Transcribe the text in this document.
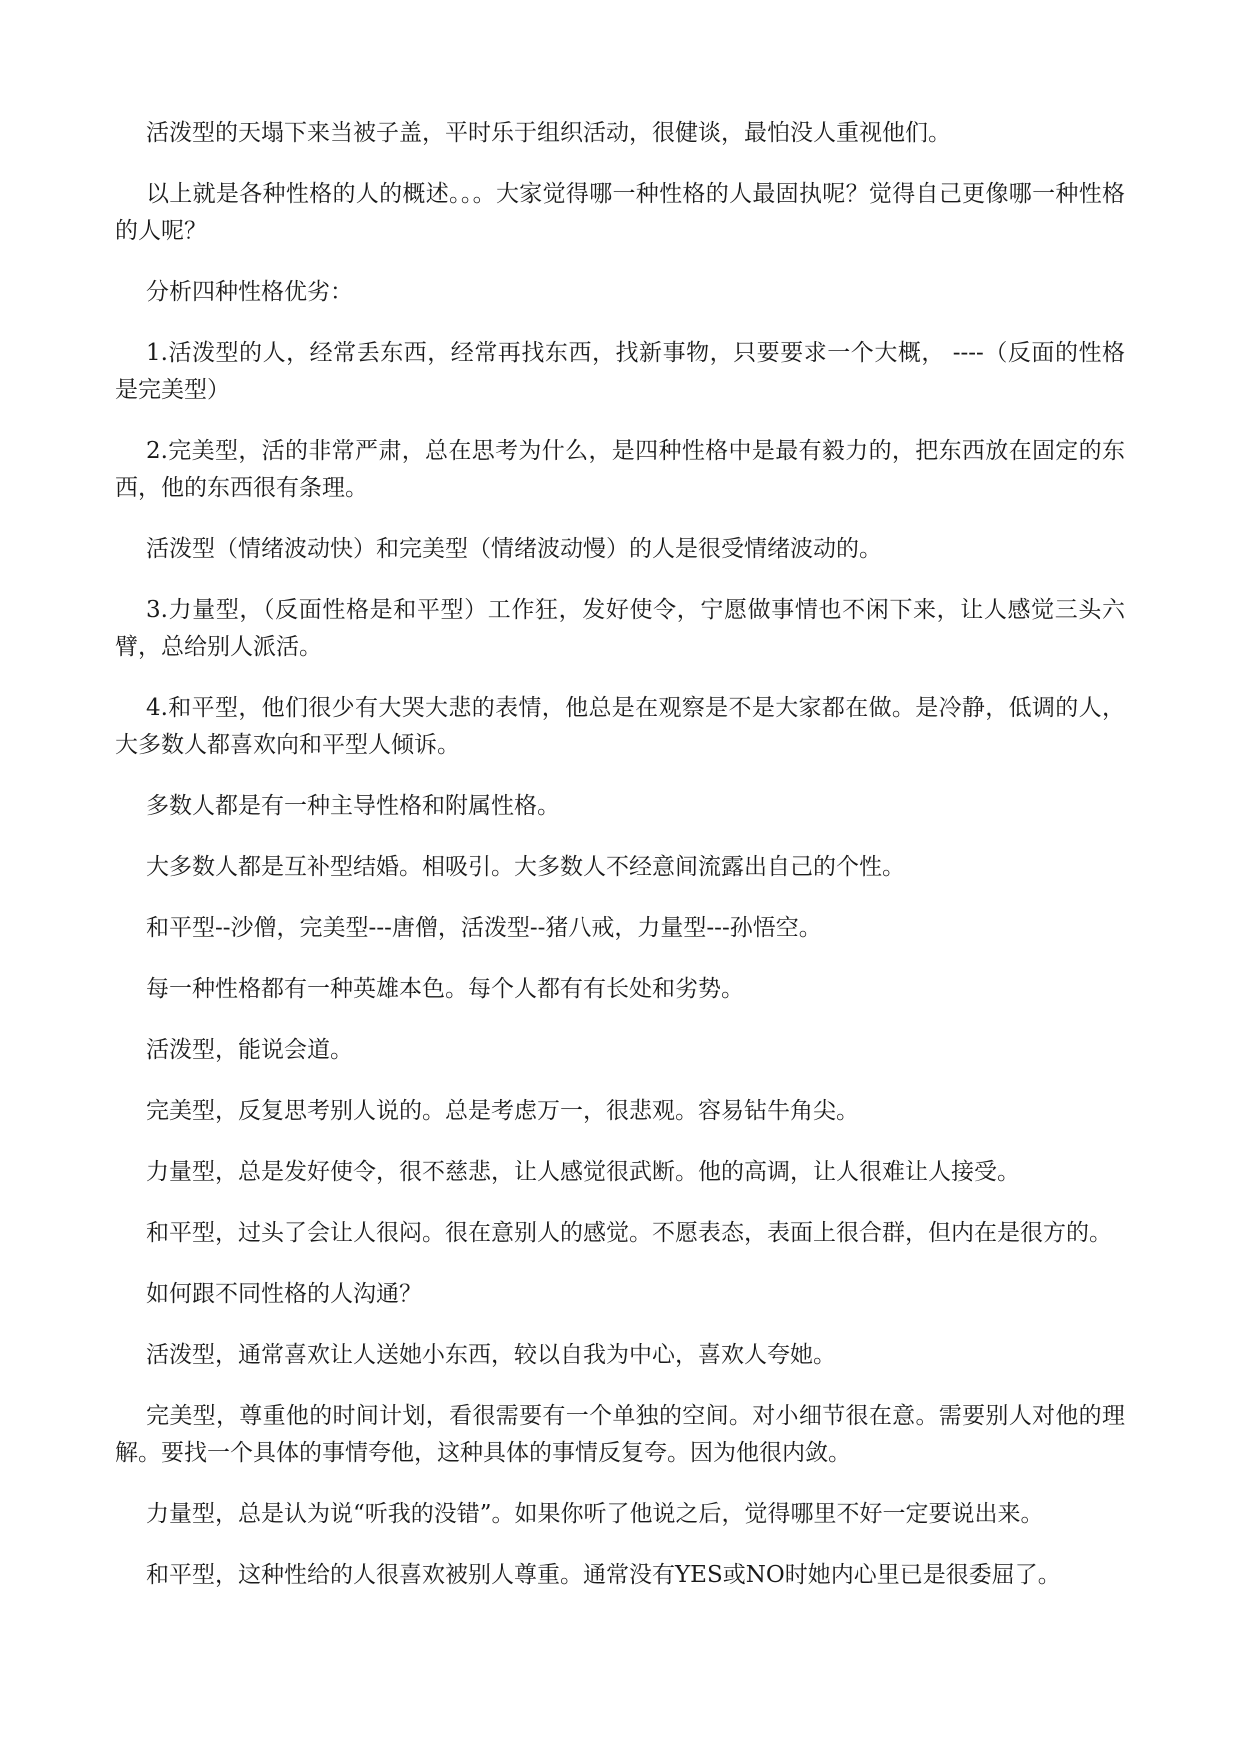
活泼型的天塌下来当被子盖，平时乐于组织活动，很健谈，最怕没人重视他们。

以上就是各种性格的人的概述。。。大家觉得哪一种性格的人最固执呢？觉得自己更像哪一种性格的人呢？

分析四种性格优劣：

1.活泼型的人，经常丢东西，经常再找东西，找新事物，只要要求一个大概， ----（反面的性格是完美型）

2.完美型，活的非常严肃，总在思考为什么，是四种性格中是最有毅力的，把东西放在固定的东西，他的东西很有条理。

活泼型（情绪波动快）和完美型（情绪波动慢）的人是很受情绪波动的。

3.力量型，（反面性格是和平型）工作狂，发好使令，宁愿做事情也不闲下来，让人感觉三头六臂，总给别人派活。

4.和平型，他们很少有大哭大悲的表情，他总是在观察是不是大家都在做。是冷静，低调的人，大多数人都喜欢向和平型人倾诉。

多数人都是有一种主导性格和附属性格。

大多数人都是互补型结婚。相吸引。大多数人不经意间流露出自己的个性。

和平型--沙僧，完美型---唐僧，活泼型--猪八戒，力量型---孙悟空。

每一种性格都有一种英雄本色。每个人都有有长处和劣势。

活泼型，能说会道。

完美型，反复思考别人说的。总是考虑万一，很悲观。容易钻牛角尖。

力量型，总是发好使令，很不慈悲，让人感觉很武断。他的高调，让人很难让人接受。

和平型，过头了会让人很闷。很在意别人的感觉。不愿表态，表面上很合群，但内在是很方的。

如何跟不同性格的人沟通？

活泼型，通常喜欢让人送她小东西，较以自我为中心，喜欢人夸她。

完美型，尊重他的时间计划，看很需要有一个单独的空间。对小细节很在意。需要别人对他的理解。要找一个具体的事情夸他，这种具体的事情反复夸。因为他很内敛。

力量型，总是认为说“听我的没错”。如果你听了他说之后，觉得哪里不好一定要说出来。

和平型，这种性给的人很喜欢被别人尊重。通常没有YES或NO时她内心里已是很委屈了。
